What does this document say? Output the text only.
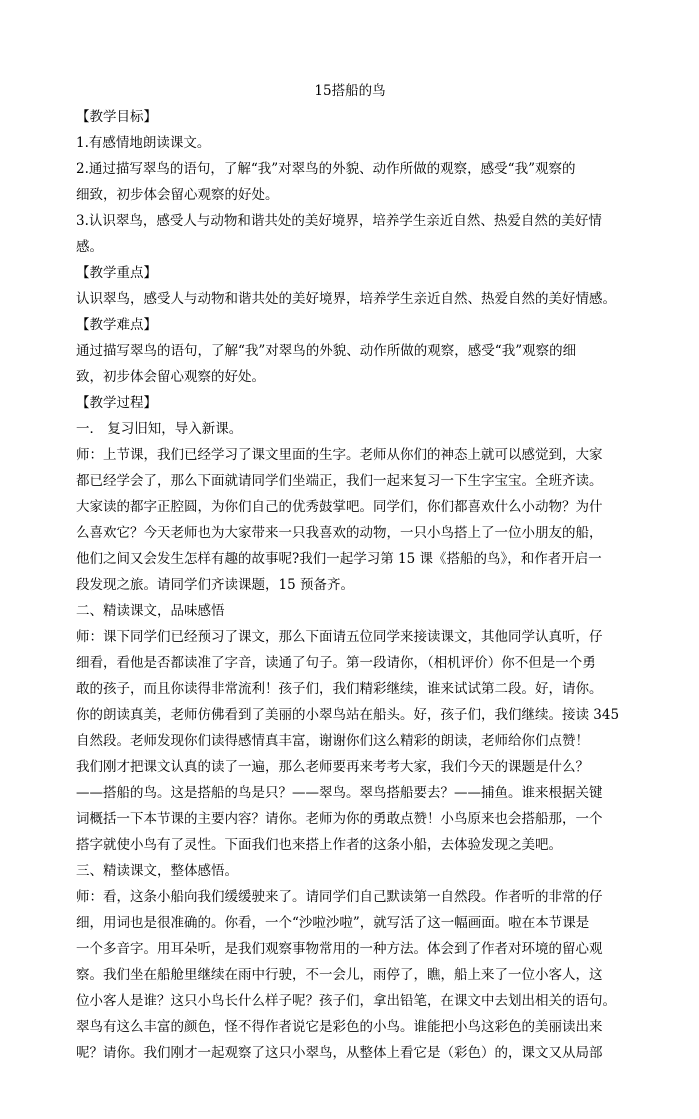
15搭船的鸟
【教学目标】
1.有感情地朗读课文。
2.通过描写翠鸟的语句，了解“我”对翠鸟的外貌、动作所做的观察，感受“我”观察的
细致，初步体会留心观察的好处。
3.认识翠鸟，感受人与动物和谐共处的美好境界，培养学生亲近自然、热爱自然的美好情
感。
【教学重点】
认识翠鸟，感受人与动物和谐共处的美好境界，培养学生亲近自然、热爱自然的美好情感。
【教学难点】
通过描写翠鸟的语句，了解“我”对翠鸟的外貌、动作所做的观察，感受“我”观察的细
致，初步体会留心观察的好处。
【教学过程】
一． 复习旧知，导入新课。
师：上节课，我们已经学习了课文里面的生字。老师从你们的神态上就可以感觉到，大家
都已经学会了，那么下面就请同学们坐端正，我们一起来复习一下生字宝宝。全班齐读。
大家读的都字正腔圆，为你们自己的优秀鼓掌吧。同学们，你们都喜欢什么小动物？为什
么喜欢它？今天老师也为大家带来一只我喜欢的动物，一只小鸟搭上了一位小朋友的船，
他们之间又会发生怎样有趣的故事呢?我们一起学习第 15 课《搭船的鸟》，和作者开启一
段发现之旅。请同学们齐读课题，15 预备齐。
二、精读课文，品味感悟
师：课下同学们已经预习了课文，那么下面请五位同学来接读课文，其他同学认真听，仔
细看，看他是否都读准了字音，读通了句子。第一段请你，（相机评价）你不但是一个勇
敢的孩子，而且你读得非常流利！孩子们，我们精彩继续，谁来试试第二段。好，请你。
你的朗读真美，老师仿佛看到了美丽的小翠鸟站在船头。好，孩子们，我们继续。接读 345
自然段。老师发现你们读得感情真丰富，谢谢你们这么精彩的朗读，老师给你们点赞！
我们刚才把课文认真的读了一遍，那么老师要再来考考大家，我们今天的课题是什么？
——搭船的鸟。这是搭船的鸟是只？——翠鸟。翠鸟搭船要去？——捕鱼。谁来根据关键
词概括一下本节课的主要内容？请你。老师为你的勇敢点赞！小鸟原来也会搭船那，一个
搭字就使小鸟有了灵性。下面我们也来搭上作者的这条小船，去体验发现之美吧。
三、精读课文，整体感悟。
师：看，这条小船向我们缓缓驶来了。请同学们自己默读第一自然段。作者听的非常的仔
细，用词也是很准确的。你看，一个“沙啦沙啦”，就写活了这一幅画面。啦在本节课是
一个多音字。用耳朵听，是我们观察事物常用的一种方法。体会到了作者对环境的留心观
察。我们坐在船舱里继续在雨中行驶，不一会儿，雨停了，瞧，船上来了一位小客人，这
位小客人是谁？这只小鸟长什么样子呢？孩子们，拿出铅笔，在课文中去划出相关的语句。
翠鸟有这么丰富的颜色，怪不得作者说它是彩色的小鸟。谁能把小鸟这彩色的美丽读出来
呢？请你。我们刚才一起观察了这只小翠鸟，从整体上看它是（彩色）的，课文又从局部
